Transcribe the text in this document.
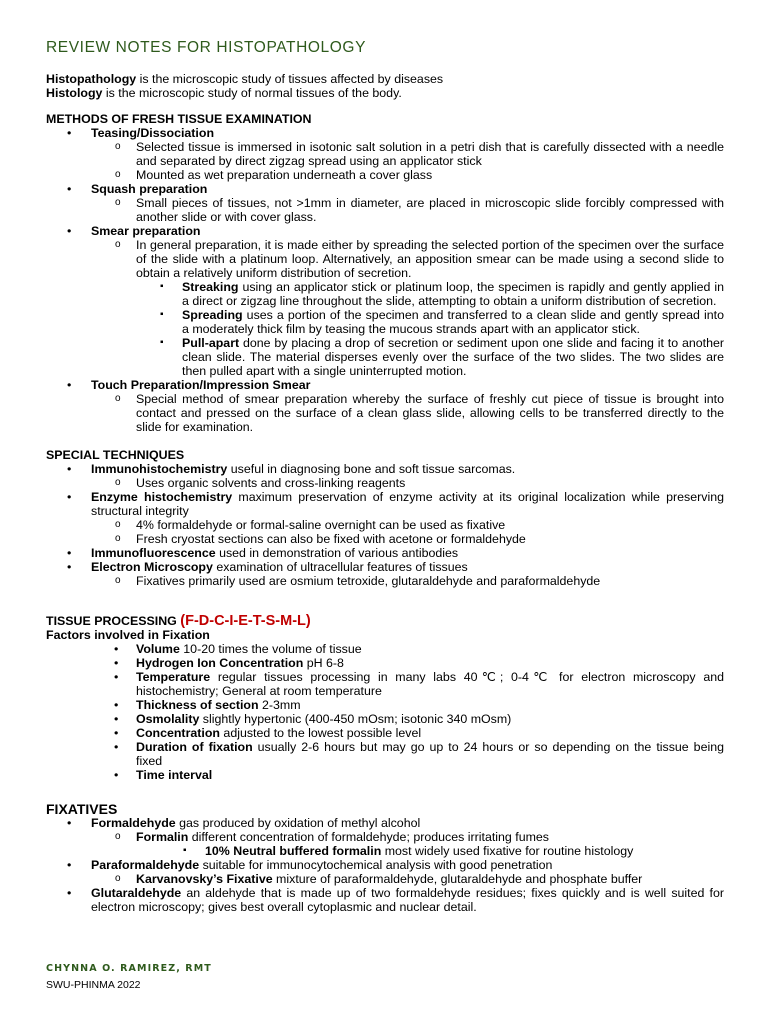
REVIEW NOTES FOR HISTOPATHOLOGY

Histopathology is the microscopic study of tissues affected by diseases

Histology is the microscopic study of normal tissues of the body.

METHODS OF FRESH TISSUE EXAMINATION
• Teasing/Dissociation
o Selected tissue is immersed in isotonic salt solution in a petri dish that is carefully dissected with a needle and separated by direct zigzag spread using an applicator stick
o Mounted as wet preparation underneath a cover glass
• Squash preparation
o Small pieces of tissues, not >1mm in diameter, are placed in microscopic slide forcibly compressed with another slide or with cover glass.
• Smear preparation
o In general preparation, it is made either by spreading the selected portion of the specimen over the surface of the slide with a platinum loop. Alternatively, an apposition smear can be made using a second slide to obtain a relatively uniform distribution of secretion.
▪ Streaking using an applicator stick or platinum loop, the specimen is rapidly and gently applied in a direct or zigzag line throughout the slide, attempting to obtain a uniform distribution of secretion.
▪ Spreading uses a portion of the specimen and transferred to a clean slide and gently spread into a moderately thick film by teasing the mucous strands apart with an applicator stick.
▪ Pull-apart done by placing a drop of secretion or sediment upon one slide and facing it to another clean slide. The material disperses evenly over the surface of the two slides. The two slides are then pulled apart with a single uninterrupted motion.
• Touch Preparation/Impression Smear
o Special method of smear preparation whereby the surface of freshly cut piece of tissue is brought into contact and pressed on the surface of a clean glass slide, allowing cells to be transferred directly to the slide for examination.
SPECIAL TECHNIQUES
• Immunohistochemistry useful in diagnosing bone and soft tissue sarcomas.
o Uses organic solvents and cross-linking reagents
• Enzyme histochemistry maximum preservation of enzyme activity at its original localization while preserving structural integrity
o 4% formaldehyde or formal-saline overnight can be used as fixative
o Fresh cryostat sections can also be fixed with acetone or formaldehyde
• Immunofluorescence used in demonstration of various antibodies
• Electron Microscopy examination of ultracellular features of tissues
o Fixatives primarily used are osmium tetroxide, glutaraldehyde and paraformaldehyde
TISSUE PROCESSING (F-D-C-I-E-T-S-M-L)
Factors involved in Fixation
• Volume 10-20 times the volume of tissue
• Hydrogen Ion Concentration pH 6-8
• Temperature regular tissues processing in many labs 40℃; 0-4℃ for electron microscopy and histochemistry; General at room temperature
• Thickness of section 2-3mm
• Osmolality slightly hypertonic (400-450 mOsm; isotonic 340 mOsm)
• Concentration adjusted to the lowest possible level
• Duration of fixation usually 2-6 hours but may go up to 24 hours or so depending on the tissue being fixed
• Time interval
FIXATIVES
• Formaldehyde gas produced by oxidation of methyl alcohol
o Formalin different concentration of formaldehyde; produces irritating fumes
▪ 10% Neutral buffered formalin most widely used fixative for routine histology
• Paraformaldehyde suitable for immunocytochemical analysis with good penetration
o Karvanovsky’s Fixative mixture of paraformaldehyde, glutaraldehyde and phosphate buffer
• Glutaraldehyde an aldehyde that is made up of two formaldehyde residues; fixes quickly and is well suited for electron microscopy; gives best overall cytoplasmic and nuclear detail.
CHYNNA O. RAMIREZ, RMT
SWU-PHINMA 2022
